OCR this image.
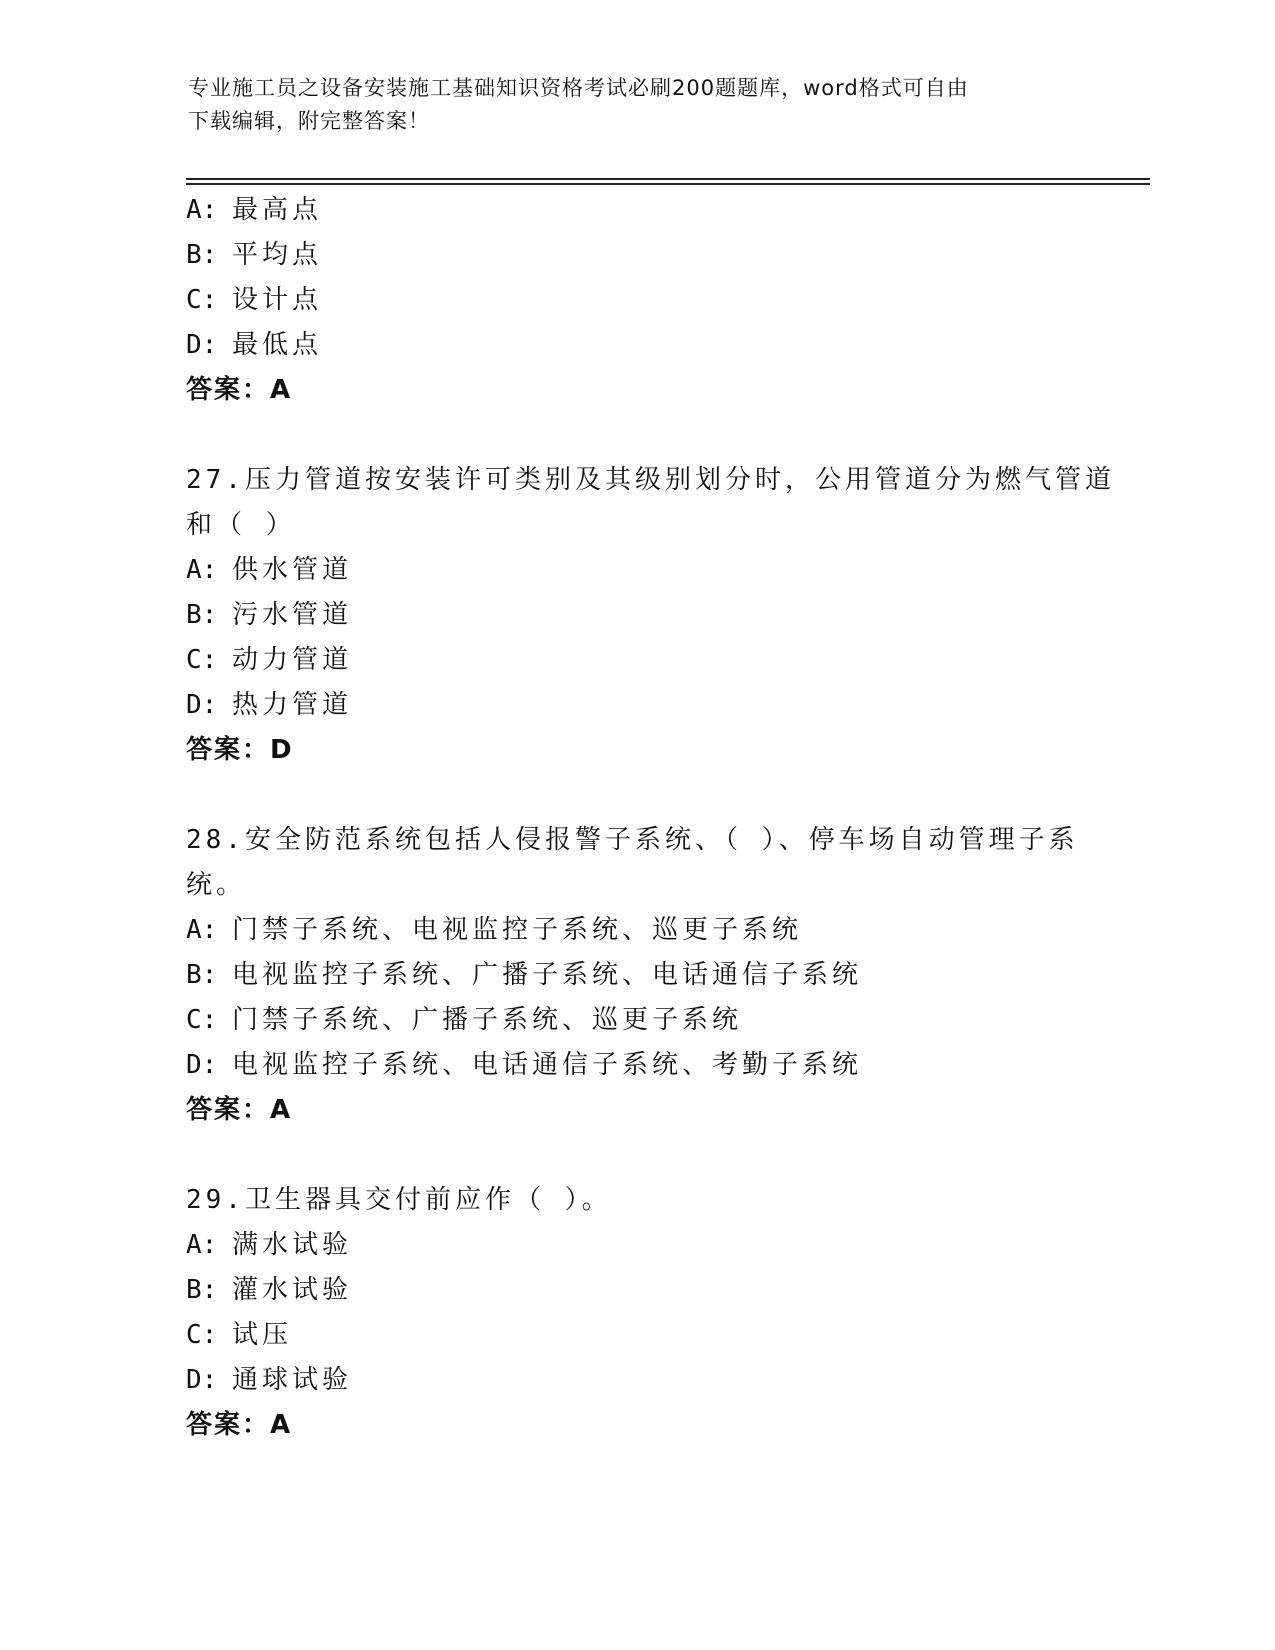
专业施工员之设备安装施工基础知识资格考试必刷200题题库，word格式可自由
下载编辑，附完整答案！
A: 最高点
B: 平均点
C: 设计点
D: 最低点
答案：A
27.压力管道按安装许可类别及其级别划分时，公用管道分为燃气管道
和（ ）
A: 供水管道
B: 污水管道
C: 动力管道
D: 热力管道
答案：D
28.安全防范系统包括人侵报警子系统、（ ）、停车场自动管理子系
统。
A: 门禁子系统、电视监控子系统、巡更子系统
B: 电视监控子系统、广播子系统、电话通信子系统
C: 门禁子系统、广播子系统、巡更子系统
D: 电视监控子系统、电话通信子系统、考勤子系统
答案：A
29.卫生器具交付前应作（ ）。
A: 满水试验
B: 灌水试验
C: 试压
D: 通球试验
答案：A
